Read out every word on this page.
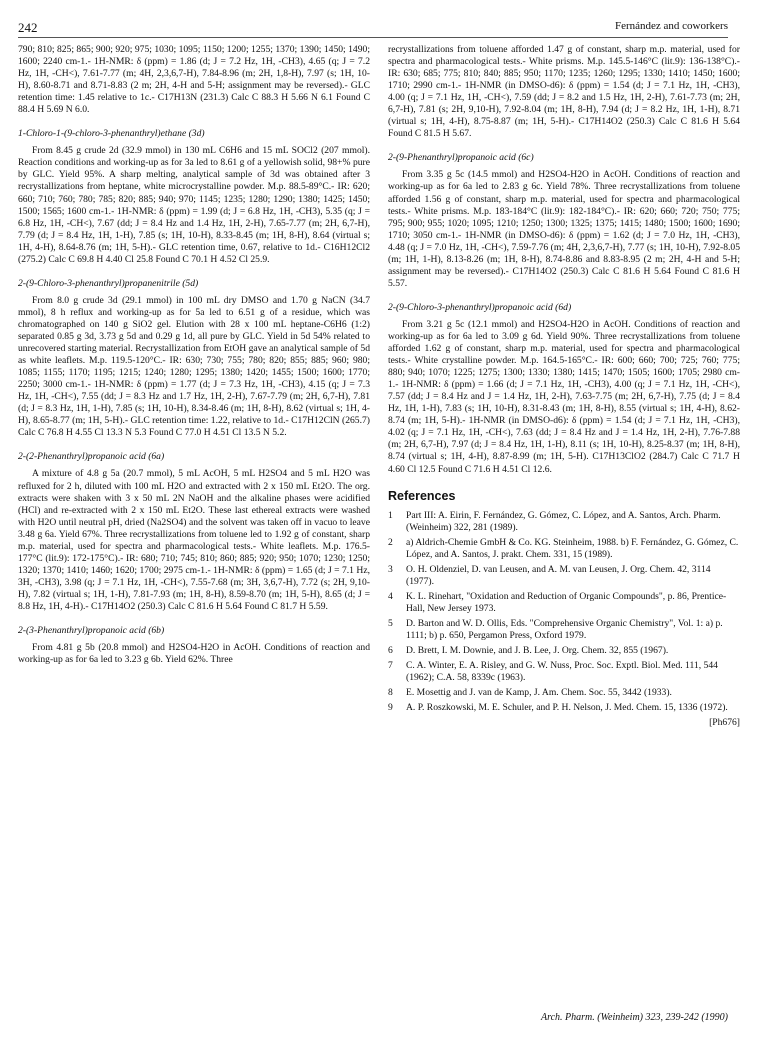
242	Fernández and coworkers

790; 810; 825; 865; 900; 920; 975; 1030; 1095; 1150; 1200; 1255; 1370; 1390; 1450; 1490; 1600; 2240 cm-1.- 1H-NMR: δ (ppm) = 1.86 (d; J = 7.2 Hz, 1H, -CH3), 4.65 (q; J = 7.2 Hz, 1H, -CH<), 7.61-7.77 (m; 4H, 2,3,6,7-H), 7.84-8.96 (m; 2H, 1,8-H), 7.97 (s; 1H, 10-H), 8.60-8.71 and 8.71-8.83 (2 m; 2H, 4-H and 5-H; assignment may be reversed).- GLC retention time: 1.45 relative to 1c.- C17H13N (231.3) Calc C 88.3 H 5.66 N 6.1 Found C 88.4 H 5.69 N 6.0.

1-Chloro-1-(9-chloro-3-phenanthryl)ethane (3d)

From 8.45 g crude 2d (32.9 mmol) in 130 mL C6H6 and 15 mL SOCl2 (207 mmol). Reaction conditions and working-up as for 3a led to 8.61 g of a yellowish solid, 98+% pure by GLC. Yield 95%. A sharp melting, analytical sample of 3d was obtained after 3 recrystallizations from heptane, white microcrystalline powder. M.p. 88.5-89°C.- IR: 620; 660; 710; 760; 780; 785; 820; 885; 940; 970; 1145; 1235; 1280; 1290; 1380; 1425; 1450; 1500; 1565; 1600 cm-1.- 1H-NMR: δ (ppm) = 1.99 (d; J = 6.8 Hz, 1H, -CH3), 5.35 (q; J = 6.8 Hz, 1H, -CH<), 7.67 (dd; J = 8.4 Hz and 1.4 Hz, 1H, 2-H), 7.65-7.77 (m; 2H, 6,7-H), 7.79 (d; J = 8.4 Hz, 1H, 1-H), 7.85 (s; 1H, 10-H), 8.33-8.45 (m; 1H, 8-H), 8.64 (virtual s; 1H, 4-H), 8.64-8.76 (m; 1H, 5-H).- GLC retention time, 0.67, relative to 1d.- C16H12Cl2 (275.2) Calc C 69.8 H 4.40 Cl 25.8 Found C 70.1 H 4.52 Cl 25.9.

2-(9-Chloro-3-phenanthryl)propanenitrile (5d)

From 8.0 g crude 3d (29.1 mmol) in 100 mL dry DMSO and 1.70 g NaCN (34.7 mmol), 8 h reflux and working-up as for 5a led to 6.51 g of a residue, which was chromatographed on 140 g SiO2 gel. Elution with 28 x 100 mL heptane-C6H6 (1:2) separated 0.85 g 3d, 3.73 g 5d and 0.29 g 1d, all pure by GLC. Yield in 5d 54% related to unrecovered starting material. Recrystallization from EtOH gave an analytical sample of 5d as white leaflets. M.p. 119.5-120°C.- IR: 630; 730; 755; 780; 820; 855; 885; 960; 980; 1085; 1155; 1170; 1195; 1215; 1240; 1280; 1295; 1380; 1420; 1455; 1500; 1600; 1770; 2250; 3000 cm-1.- 1H-NMR: δ (ppm) = 1.77 (d; J = 7.3 Hz, 1H, -CH3), 4.15 (q; J = 7.3 Hz, 1H, -CH<), 7.55 (dd; J = 8.3 Hz and 1.7 Hz, 1H, 2-H), 7.67-7.79 (m; 2H, 6,7-H), 7.81 (d; J = 8.3 Hz, 1H, 1-H), 7.85 (s; 1H, 10-H), 8.34-8.46 (m; 1H, 8-H), 8.62 (virtual s; 1H, 4-H), 8.65-8.77 (m; 1H, 5-H).- GLC retention time: 1.22, relative to 1d.- C17H12ClN (265.7) Calc C 76.8 H 4.55 Cl 13.3 N 5.3 Found C 77.0 H 4.51 Cl 13.5 N 5.2.

2-(2-Phenanthryl)propanoic acid (6a)

A mixture of 4.8 g 5a (20.7 mmol), 5 mL AcOH, 5 mL H2SO4 and 5 mL H2O was refluxed for 2 h, diluted with 100 mL H2O and extracted with 2 x 150 mL Et2O. The org. extracts were shaken with 3 x 50 mL 2N NaOH and the alkaline phases were acidified (HCl) and re-extracted with 2 x 150 mL Et2O. These last ethereal extracts were washed with H2O until neutral pH, dried (Na2SO4) and the solvent was taken off in vacuo to leave 3.48 g 6a. Yield 67%. Three recrystallizations from toluene led to 1.92 g of constant, sharp m.p. material, used for spectra and pharmacological tests.- White leaflets. M.p. 176.5-177°C (lit.9): 172-175°C).- IR: 680; 710; 745; 810; 860; 885; 920; 950; 1070; 1230; 1250; 1320; 1370; 1410; 1460; 1620; 1700; 2975 cm-1.- 1H-NMR: δ (ppm) = 1.65 (d; J = 7.1 Hz, 3H, -CH3), 3.98 (q; J = 7.1 Hz, 1H, -CH<), 7.55-7.68 (m; 3H, 3,6,7-H), 7.72 (s; 2H, 9,10-H), 7.82 (virtual s; 1H, 1-H), 7.81-7.93 (m; 1H, 8-H), 8.59-8.70 (m; 1H, 5-H), 8.65 (d; J = 8.8 Hz, 1H, 4-H).- C17H14O2 (250.3) Calc C 81.6 H 5.64 Found C 81.7 H 5.59.

2-(3-Phenanthryl)propanoic acid (6b)

From 4.81 g 5b (20.8 mmol) and H2SO4-H2O in AcOH. Conditions of reaction and working-up as for 6a led to 3.23 g 6b. Yield 62%. Three

recrystallizations from toluene afforded 1.47 g of constant, sharp m.p. material, used for spectra and pharmacological tests.- White prisms. M.p. 145.5-146°C (lit.9): 136-138°C).- IR: 630; 685; 775; 810; 840; 885; 950; 1170; 1235; 1260; 1295; 1330; 1410; 1450; 1600; 1710; 2990 cm-1.- 1H-NMR (in DMSO-d6): δ (ppm) = 1.54 (d; J = 7.1 Hz, 1H, -CH3), 4.00 (q; J = 7.1 Hz, 1H, -CH<), 7.59 (dd; J = 8.2 and 1.5 Hz, 1H, 2-H), 7.61-7.73 (m; 2H, 6,7-H), 7.81 (s; 2H, 9,10-H), 7.92-8.04 (m; 1H, 8-H), 7.94 (d; J = 8.2 Hz, 1H, 1-H), 8.71 (virtual s; 1H, 4-H), 8.75-8.87 (m; 1H, 5-H).- C17H14O2 (250.3) Calc C 81.6 H 5.64 Found C 81.5 H 5.67.

2-(9-Phenanthryl)propanoic acid (6c)

From 3.35 g 5c (14.5 mmol) and H2SO4-H2O in AcOH. Conditions of reaction and working-up as for 6a led to 2.83 g 6c. Yield 78%. Three recrystallizations from toluene afforded 1.56 g of constant, sharp m.p. material, used for spectra and pharmacological tests.- White prisms. M.p. 183-184°C (lit.9): 182-184°C).- IR: 620; 660; 720; 750; 775; 795; 900; 955; 1020; 1095; 1210; 1250; 1300; 1325; 1375; 1415; 1480; 1500; 1600; 1690; 1710; 3050 cm-1.- 1H-NMR (in DMSO-d6): δ (ppm) = 1.62 (d; J = 7.0 Hz, 1H, -CH3), 4.48 (q; J = 7.0 Hz, 1H, -CH<), 7.59-7.76 (m; 4H, 2,3,6,7-H), 7.77 (s; 1H, 10-H), 7.92-8.05 (m; 1H, 1-H), 8.13-8.26 (m; 1H, 8-H), 8.74-8.86 and 8.83-8.95 (2 m; 2H, 4-H and 5-H; assignment may be reversed).- C17H14O2 (250.3) Calc C 81.6 H 5.64 Found C 81.6 H 5.57.

2-(9-Chloro-3-phenanthryl)propanoic acid (6d)

From 3.21 g 5c (12.1 mmol) and H2SO4-H2O in AcOH. Conditions of reaction and working-up as for 6a led to 3.09 g 6d. Yield 90%. Three recrystallizations from toluene afforded 1.62 g of constant, sharp m.p. material, used for spectra and pharmacological tests.- White crystalline powder. M.p. 164.5-165°C.- IR: 600; 660; 700; 725; 760; 775; 880; 940; 1070; 1225; 1275; 1300; 1330; 1380; 1415; 1470; 1505; 1600; 1705; 2980 cm-1.- 1H-NMR: δ (ppm) = 1.66 (d; J = 7.1 Hz, 1H, -CH3), 4.00 (q; J = 7.1 Hz, 1H, -CH<), 7.57 (dd; J = 8.4 Hz and J = 1.4 Hz, 1H, 2-H), 7.63-7.75 (m; 2H, 6,7-H), 7.75 (d; J = 8.4 Hz, 1H, 1-H), 7.83 (s; 1H, 10-H), 8.31-8.43 (m; 1H, 8-H), 8.55 (virtual s; 1H, 4-H), 8.62-8.74 (m; 1H, 5-H).- 1H-NMR (in DMSO-d6): δ (ppm) = 1.54 (d; J = 7.1 Hz, 1H, -CH3), 4.02 (q; J = 7.1 Hz, 1H, -CH<), 7.63 (dd; J = 8.4 Hz and J = 1.4 Hz, 1H, 2-H), 7.76-7.88 (m; 2H, 6,7-H), 7.97 (d; J = 8.4 Hz, 1H, 1-H), 8.11 (s; 1H, 10-H), 8.25-8.37 (m; 1H, 8-H), 8.74 (virtual s; 1H, 4-H), 8.87-8.99 (m; 1H, 5-H). C17H13ClO2 (284.7) Calc C 71.7 H 4.60 Cl 12.5 Found C 71.6 H 4.51 Cl 12.6.

References
1	Part III: A. Eirin, F. Fernández, G. Gómez, C. López, and A. Santos, Arch. Pharm. (Weinheim) 322, 281 (1989).
2	a) Aldrich-Chemie GmbH & Co. KG. Steinheim, 1988. b) F. Fernández, G. Gómez, C. López, and A. Santos, J. prakt. Chem. 331, 15 (1989).
3	O. H. Oldenziel, D. van Leusen, and A. M. van Leusen, J. Org. Chem. 42, 3114 (1977).
4	K. L. Rinehart, "Oxidation and Reduction of Organic Compounds", p. 86, Prentice-Hall, New Jersey 1973.
5	D. Barton and W. D. Ollis, Eds. "Comprehensive Organic Chemistry", Vol. 1: a) p. 1111; b) p. 650, Pergamon Press, Oxford 1979.
6	D. Brett, I. M. Downie, and J. B. Lee, J. Org. Chem. 32, 855 (1967).
7	C. A. Winter, E. A. Risley, and G. W. Nuss, Proc. Soc. Exptl. Biol. Med. 111, 544 (1962); C.A. 58, 8339c (1963).
8	E. Mosettig and J. van de Kamp, J. Am. Chem. Soc. 55, 3442 (1933).
9	A. P. Roszkowski, M. E. Schuler, and P. H. Nelson, J. Med. Chem. 15, 1336 (1972).
[Ph676]
Arch. Pharm. (Weinheim) 323, 239-242 (1990)
